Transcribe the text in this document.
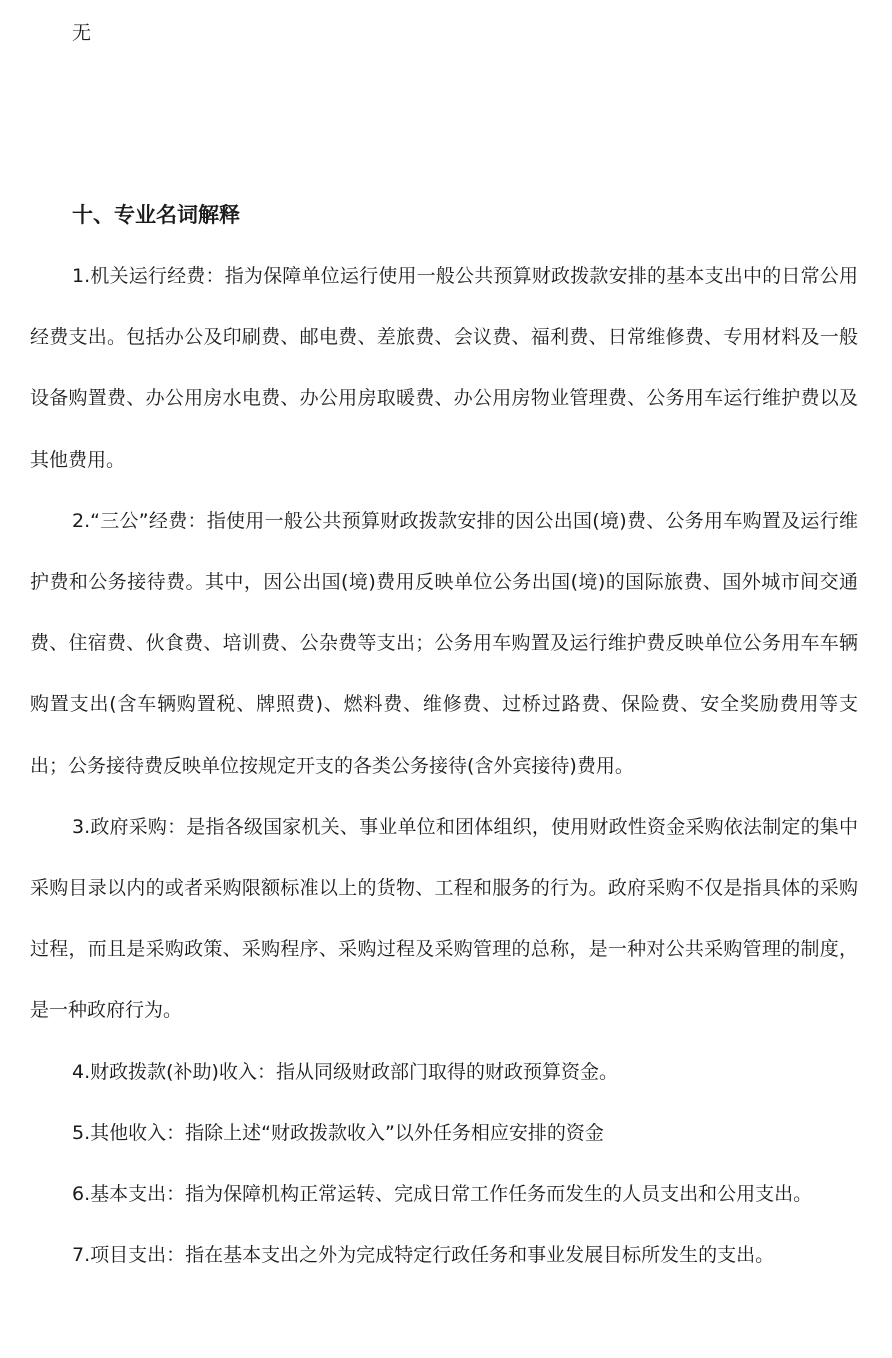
无

十、专业名词解释

1.机关运行经费：指为保障单位运行使用一般公共预算财政拨款安排的基本支出中的日常公用经费支出。包括办公及印刷费、邮电费、差旅费、会议费、福利费、日常维修费、专用材料及一般设备购置费、办公用房水电费、办公用房取暖费、办公用房物业管理费、公务用车运行维护费以及其他费用。

2.“三公”经费：指使用一般公共预算财政拨款安排的因公出国(境)费、公务用车购置及运行维护费和公务接待费。其中，因公出国(境)费用反映单位公务出国(境)的国际旅费、国外城市间交通费、住宿费、伙食费、培训费、公杂费等支出；公务用车购置及运行维护费反映单位公务用车车辆购置支出(含车辆购置税、牌照费)、燃料费、维修费、过桥过路费、保险费、安全奖励费用等支出；公务接待费反映单位按规定开支的各类公务接待(含外宾接待)费用。

3.政府采购：是指各级国家机关、事业单位和团体组织，使用财政性资金采购依法制定的集中采购目录以内的或者采购限额标准以上的货物、工程和服务的行为。政府采购不仅是指具体的采购过程，而且是采购政策、采购程序、采购过程及采购管理的总称，是一种对公共采购管理的制度，是一种政府行为。

4.财政拨款(补助)收入：指从同级财政部门取得的财政预算资金。

5.其他收入：指除上述“财政拨款收入”以外任务相应安排的资金

6.基本支出：指为保障机构正常运转、完成日常工作任务而发生的人员支出和公用支出。

7.项目支出：指在基本支出之外为完成特定行政任务和事业发展目标所发生的支出。
